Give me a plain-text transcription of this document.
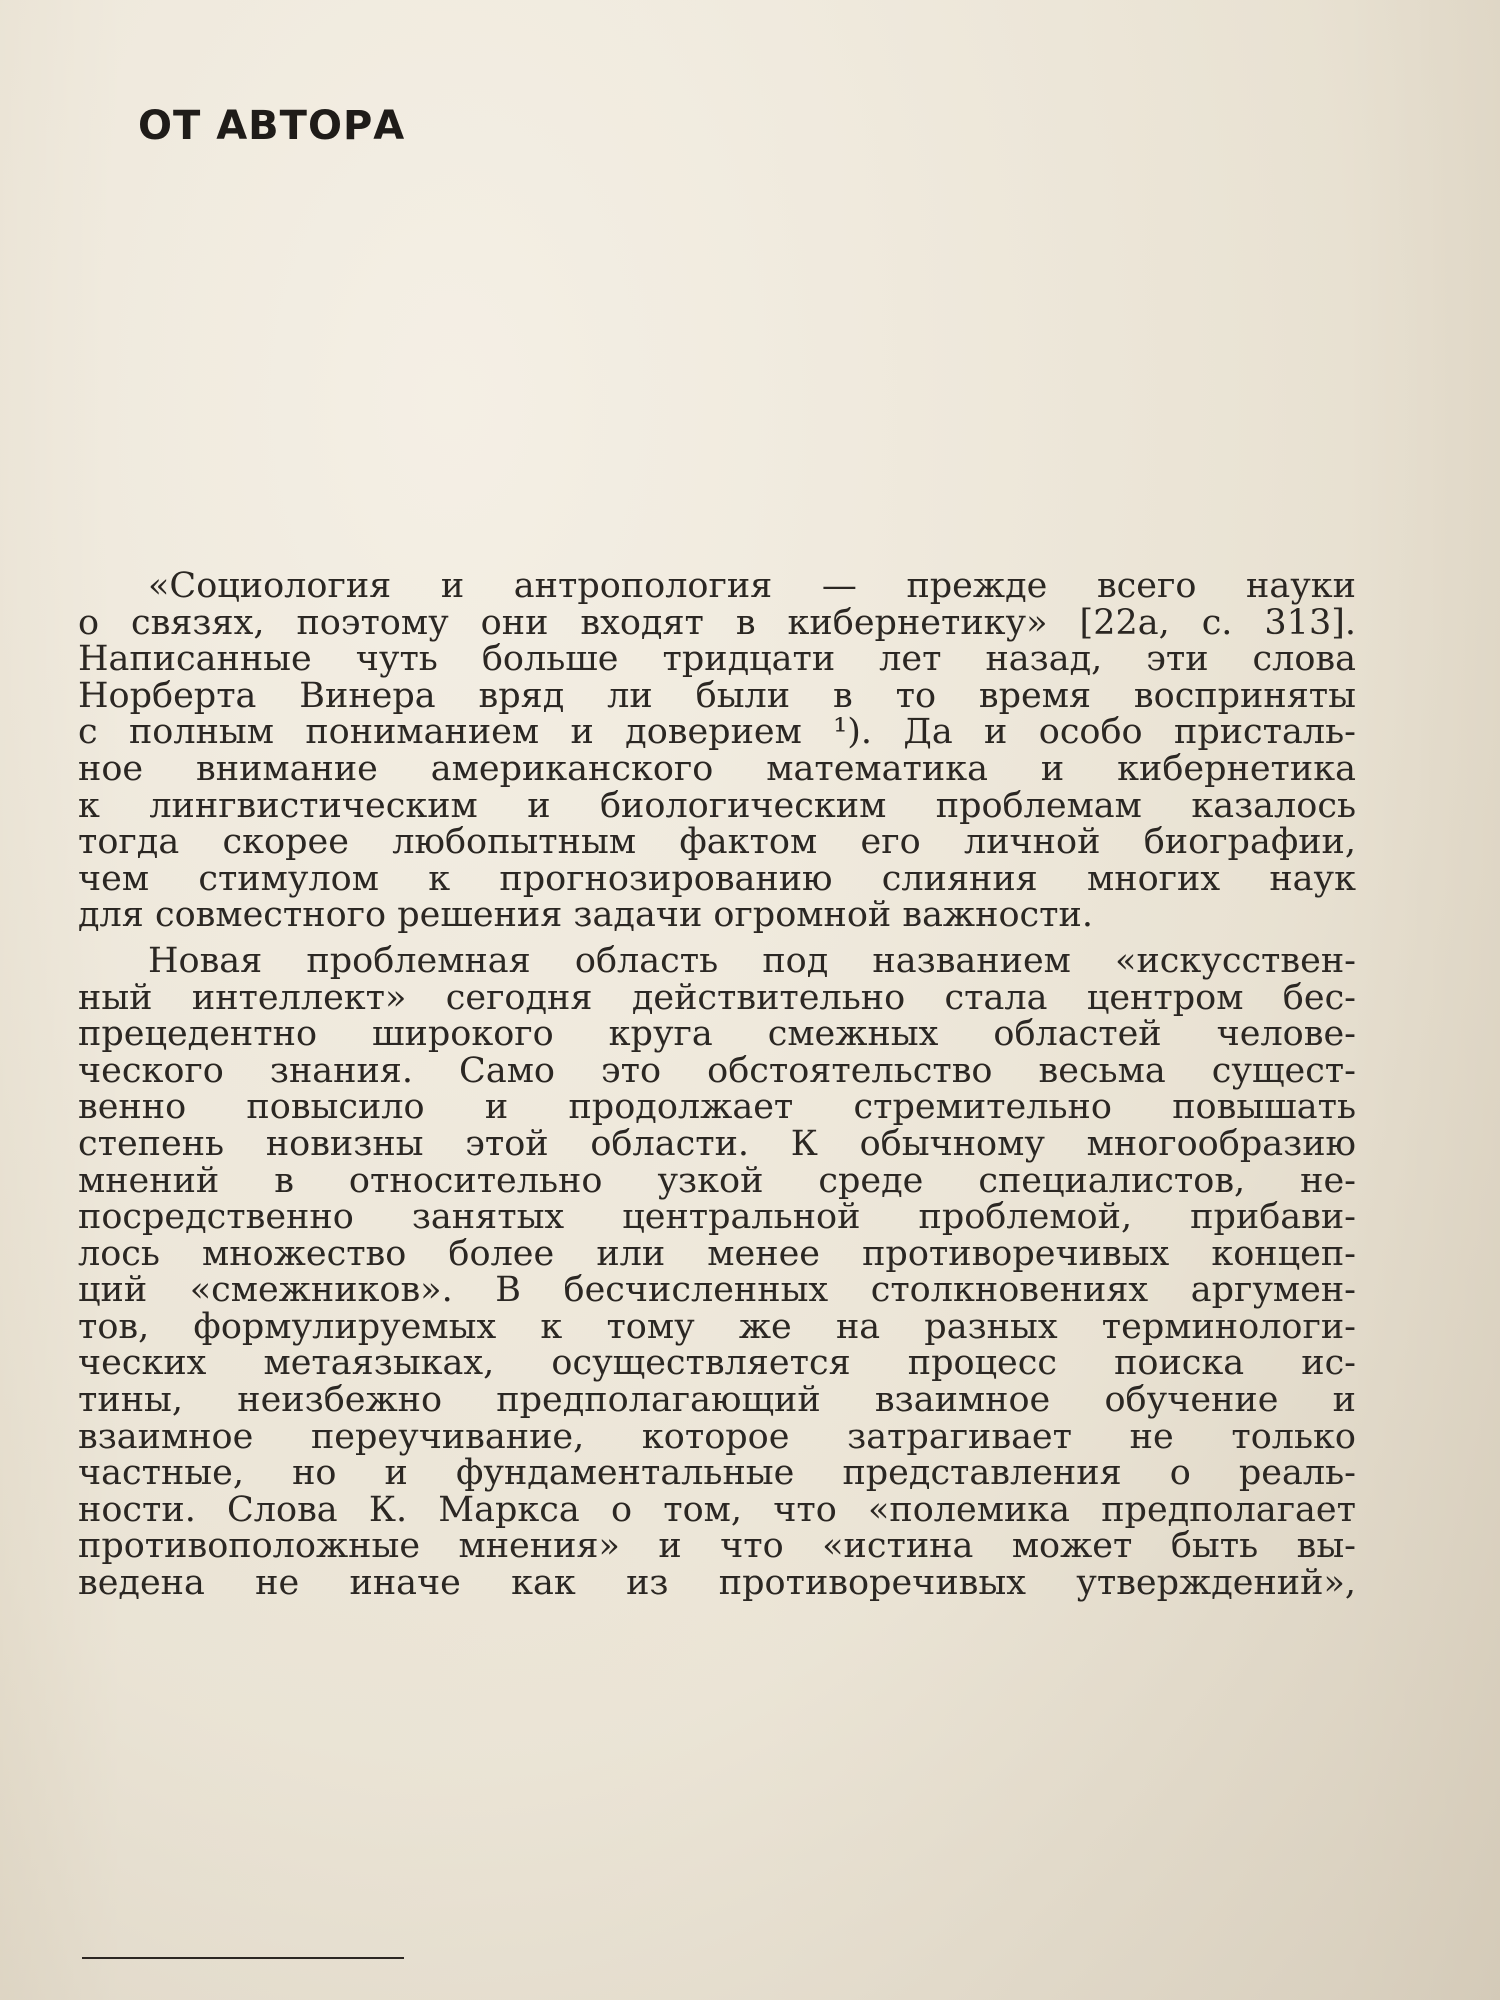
ОТ АВТОРА
«Социология и антропология — прежде всего науки
о связях, поэтому они входят в кибернетику» [22а, с. 313].
Написанные чуть больше тридцати лет назад, эти слова
Норберта Винера вряд ли были в то время восприняты
с полным пониманием и доверием ¹). Да и особо присталь-
ное внимание американского математика и кибернетика
к лингвистическим и биологическим проблемам казалось
тогда скорее любопытным фактом его личной биографии,
чем стимулом к прогнозированию слияния многих наук
для совместного решения задачи огромной важности.
Новая проблемная область под названием «искусствен-
ный интеллект» сегодня действительно стала центром бес-
прецедентно широкого круга смежных областей челове-
ческого знания. Само это обстоятельство весьма сущест-
венно повысило и продолжает стремительно повышать
степень новизны этой области. К обычному многообразию
мнений в относительно узкой среде специалистов, не-
посредственно занятых центральной проблемой, прибави-
лось множество более или менее противоречивых концеп-
ций «смежников». В бесчисленных столкновениях аргумен-
тов, формулируемых к тому же на разных терминологи-
ческих метаязыках, осуществляется процесс поиска ис-
тины, неизбежно предполагающий взаимное обучение и
взаимное переучивание, которое затрагивает не только
частные, но и фундаментальные представления о реаль-
ности. Слова К. Маркса о том, что «полемика предполагает
противоположные мнения» и что «истина может быть вы-
ведена не иначе как из противоречивых утверждений»,
